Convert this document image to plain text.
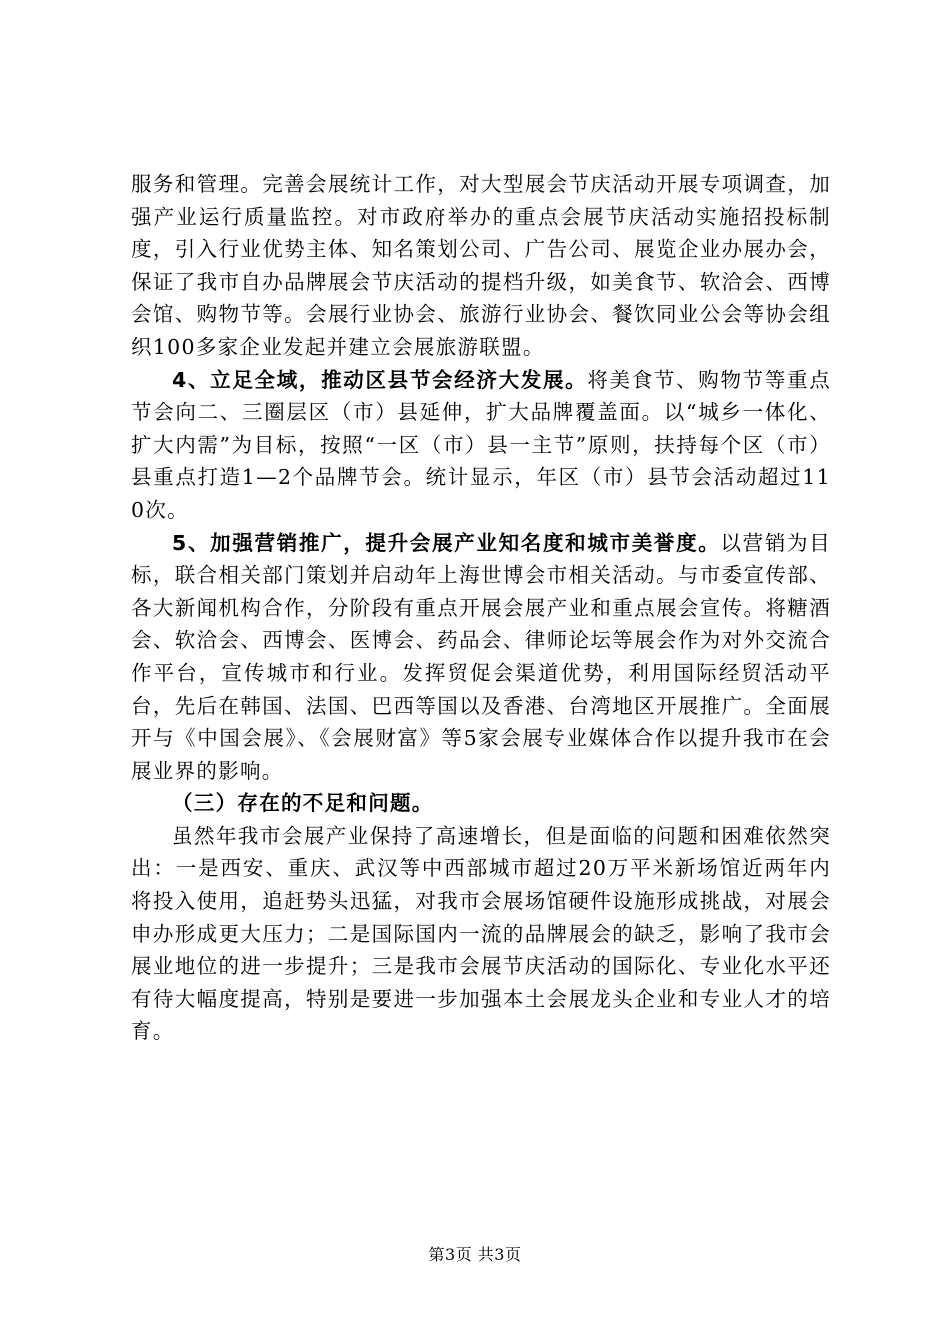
服务和管理。完善会展统计工作，对大型展会节庆活动开展专项调查，加强产业运行质量监控。对市政府举办的重点会展节庆活动实施招投标制度，引入行业优势主体、知名策划公司、广告公司、展览企业办展办会，保证了我市自办品牌展会节庆活动的提档升级，如美食节、软洽会、西博会馆、购物节等。会展行业协会、旅游行业协会、餐饮同业公会等协会组织100多家企业发起并建立会展旅游联盟。

4、立足全域，推动区县节会经济大发展。将美食节、购物节等重点节会向二、三圈层区（市）县延伸，扩大品牌覆盖面。以“城乡一体化、扩大内需”为目标，按照“一区（市）县一主节”原则，扶持每个区（市）县重点打造1—2个品牌节会。统计显示，年区（市）县节会活动超过110次。

5、加强营销推广，提升会展产业知名度和城市美誉度。以营销为目标，联合相关部门策划并启动年上海世博会市相关活动。与市委宣传部、各大新闻机构合作，分阶段有重点开展会展产业和重点展会宣传。将糖酒会、软洽会、西博会、医博会、药品会、律师论坛等展会作为对外交流合作平台，宣传城市和行业。发挥贸促会渠道优势，利用国际经贸活动平台，先后在韩国、法国、巴西等国以及香港、台湾地区开展推广。全面展开与《中国会展》、《会展财富》等5家会展专业媒体合作以提升我市在会展业界的影响。

（三）存在的不足和问题。

虽然年我市会展产业保持了高速增长，但是面临的问题和困难依然突出：一是西安、重庆、武汉等中西部城市超过20万平米新场馆近两年内将投入使用，追赶势头迅猛，对我市会展场馆硬件设施形成挑战，对展会申办形成更大压力；二是国际国内一流的品牌展会的缺乏，影响了我市会展业地位的进一步提升；三是我市会展节庆活动的国际化、专业化水平还有待大幅度提高，特别是要进一步加强本土会展龙头企业和专业人才的培育。

第3页 共3页
